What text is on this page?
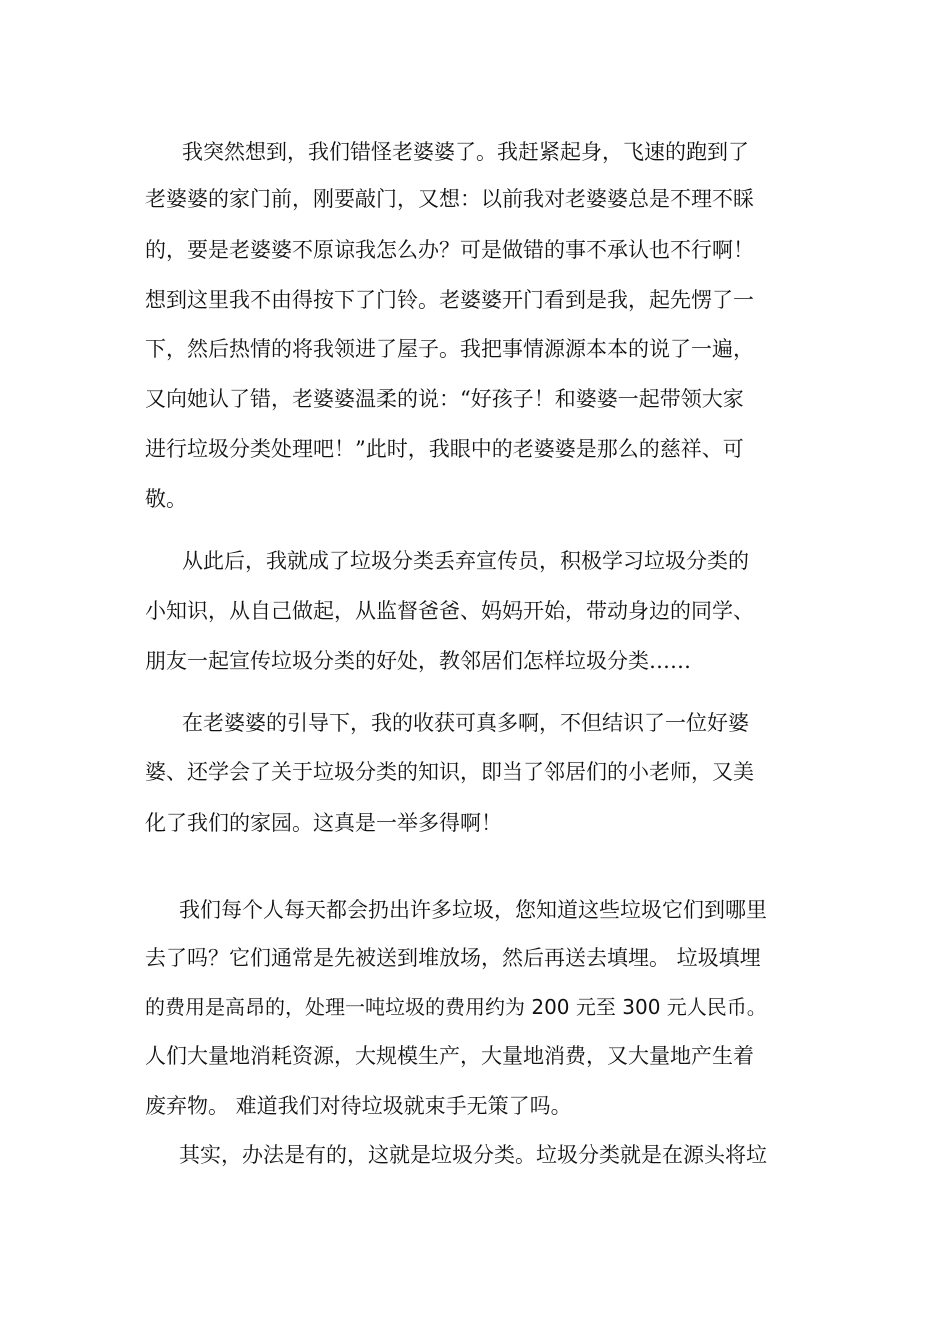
我突然想到，我们错怪老婆婆了。我赶紧起身，飞速的跑到了

老婆婆的家门前，刚要敲门，又想：以前我对老婆婆总是不理不睬

的，要是老婆婆不原谅我怎么办？可是做错的事不承认也不行啊！

想到这里我不由得按下了门铃。老婆婆开门看到是我，起先愣了一

下，然后热情的将我领进了屋子。我把事情源源本本的说了一遍，

又向她认了错，老婆婆温柔的说：“好孩子！和婆婆一起带领大家

进行垃圾分类处理吧！”此时，我眼中的老婆婆是那么的慈祥、可

敬。

从此后，我就成了垃圾分类丢弃宣传员，积极学习垃圾分类的

小知识，从自己做起，从监督爸爸、妈妈开始，带动身边的同学、

朋友一起宣传垃圾分类的好处，教邻居们怎样垃圾分类……

在老婆婆的引导下，我的收获可真多啊，不但结识了一位好婆

婆、还学会了关于垃圾分类的知识，即当了邻居们的小老师，又美

化了我们的家园。这真是一举多得啊！

我们每个人每天都会扔出许多垃圾，您知道这些垃圾它们到哪里

去了吗？它们通常是先被送到堆放场，然后再送去填埋。 垃圾填埋

的费用是高昂的，处理一吨垃圾的费用约为 200 元至 300 元人民币。

人们大量地消耗资源，大规模生产，大量地消费，又大量地产生着

废弃物。 难道我们对待垃圾就束手无策了吗。

其实，办法是有的，这就是垃圾分类。垃圾分类就是在源头将垃
